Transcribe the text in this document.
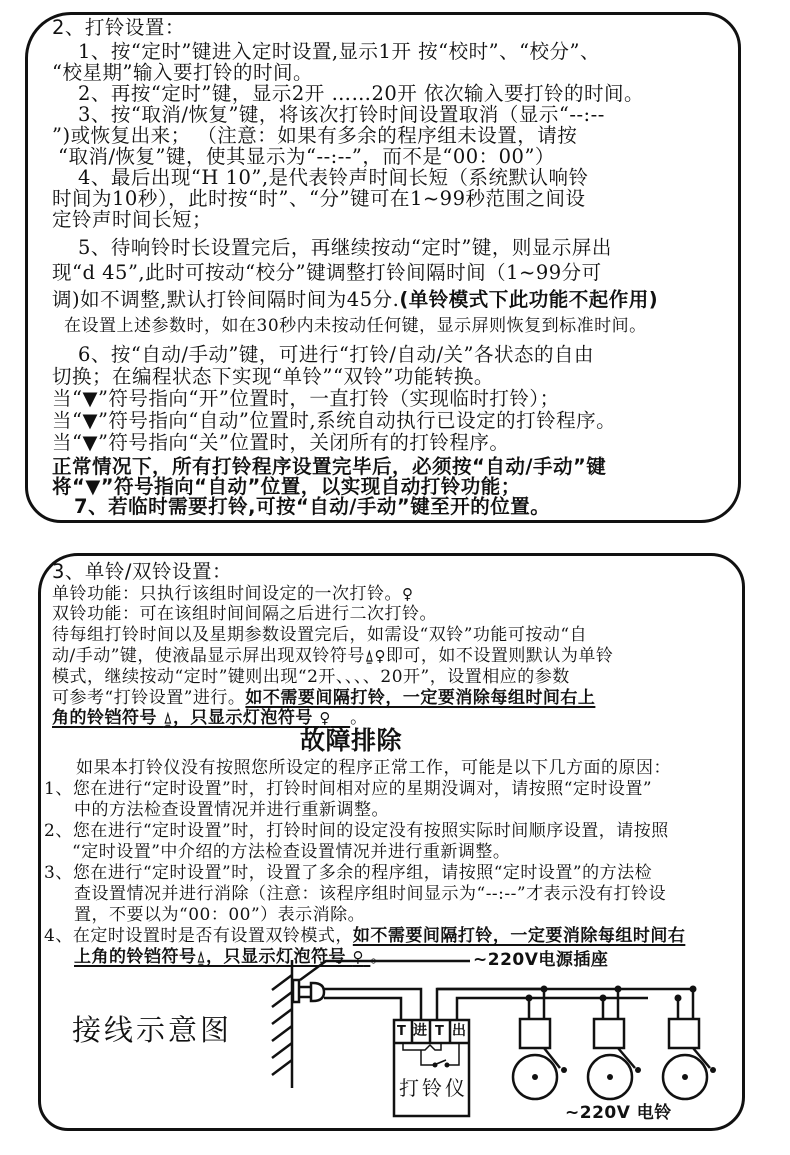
2、打铃设置：
1、按“定时”键进入定时设置,显示1开 按“校时”、“校分”、
“校星期”输入要打铃的时间。
2、再按“定时”键，显示2开 ……20开 依次输入要打铃的时间。
3、按“取消/恢复”键，将该次打铃时间设置取消（显示“--:--
”)或恢复出来； （注意：如果有多余的程序组未设置，请按
“取消/恢复”键，使其显示为“--:--”，而不是“00：00”）
4、最后出现“H 10”,是代表铃声时间长短（系统默认响铃
时间为10秒），此时按“时”、“分”键可在1~99秒范围之间设
定铃声时间长短；
5、待响铃时长设置完后，再继续按动“定时”键，则显示屏出
现“d 45”,此时可按动“校分”键调整打铃间隔时间（1~99分可
调)如不调整,默认打铃间隔时间为45分.(单铃模式下此功能不起作用)
在设置上述参数时，如在30秒内未按动任何键，显示屏则恢复到标准时间。
6、按“自动/手动”键，可进行“打铃/自动/关”各状态的自由
切换；在编程状态下实现“单铃”“双铃”功能转换。
当“▼”符号指向“开”位置时，一直打铃（实现临时打铃）；
当“▼”符号指向“自动”位置时,系统自动执行已设定的打铃程序。
当“▼”符号指向“关”位置时，关闭所有的打铃程序。
正常情况下，所有打铃程序设置完毕后，必须按“自动/手动”键
将“▼”符号指向“自动”位置，以实现自动打铃功能；
7、若临时需要打铃,可按“自动/手动”键至开的位置。
3、单铃/双铃设置：
单铃功能：只执行该组时间设定的一次打铃。♀
双铃功能：可在该组时间间隔之后进行二次打铃。
待每组打铃时间以及星期参数设置完后，如需设“双铃”功能可按动“自
动/手动”键，使液晶显示屏出现双铃符号⍙♀即可，如不设置则默认为单铃
模式，继续按动“定时”键则出现“2开、、、、20开”，设置相应的参数
可参考“打铃设置”进行。如不需要间隔打铃，一定要消除每组时间右上
角的铃铛符号 ⍙，只显示灯泡符号 ♀ 。
故障排除
如果本打铃仪没有按照您所设定的程序正常工作，可能是以下几方面的原因：
1、您在进行“定时设置”时，打铃时间相对应的星期没调对，请按照“定时设置”
中的方法检查设置情况并进行重新调整。
2、您在进行“定时设置”时，打铃时间的设定没有按照实际时间顺序设置，请按照
“定时设置”中介绍的方法检查设置情况并进行重新调整。
3、您在进行“定时设置”时，设置了多余的程序组，请按照“定时设置”的方法检
查设置情况并进行消除（注意：该程序组时间显示为“--:--”才表示没有打铃设
置，不要以为“00：00”）表示消除。
4、在定时设置时是否有设置双铃模式，如不需要间隔打铃，一定要消除每组时间右
上角的铃铛符号⍙，只显示灯泡符号 ♀ 。
接线示意图
~220V电源插座
~220V 电铃
打铃仪
T 进 T 出
